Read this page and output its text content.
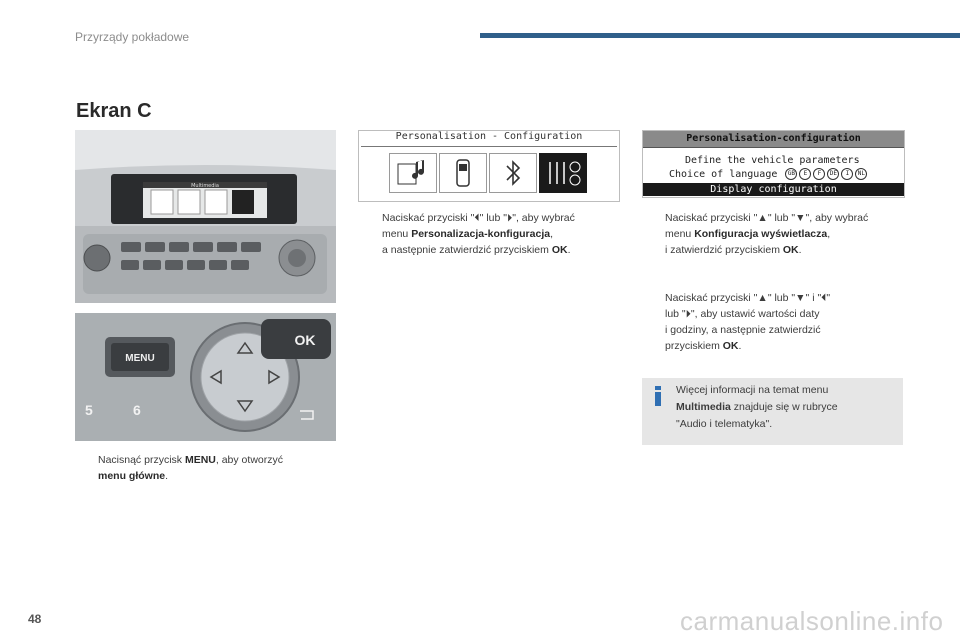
Przyrządy pokładowe
Ekran C
Multimedia
MENU
OK
5	6
Personalisation - Configuration	Personalisation-configuration
Define the vehicle parameters
Choice of language GB E F DE I NL
Display configuration
Nacisnąć przycisk MENU, aby otworzyć
menu główne.
Naciskać przyciski "⏴" lub "⏵", aby wybrać
menu Personalizacja-konfiguracja,
a następnie zatwierdzić przyciskiem OK.
Naciskać przyciski "▲" lub "▼", aby wybrać
menu Konfiguracja wyświetlacza,
i zatwierdzić przyciskiem OK.
Naciskać przyciski "▲" lub "▼" i "⏴"
lub "⏵", aby ustawić wartości daty
i godziny, a następnie zatwierdzić
przyciskiem OK.
Więcej informacji na temat menu
Multimedia znajduje się w rubryce
"Audio i telematyka".
48	carmanualsonline.info
